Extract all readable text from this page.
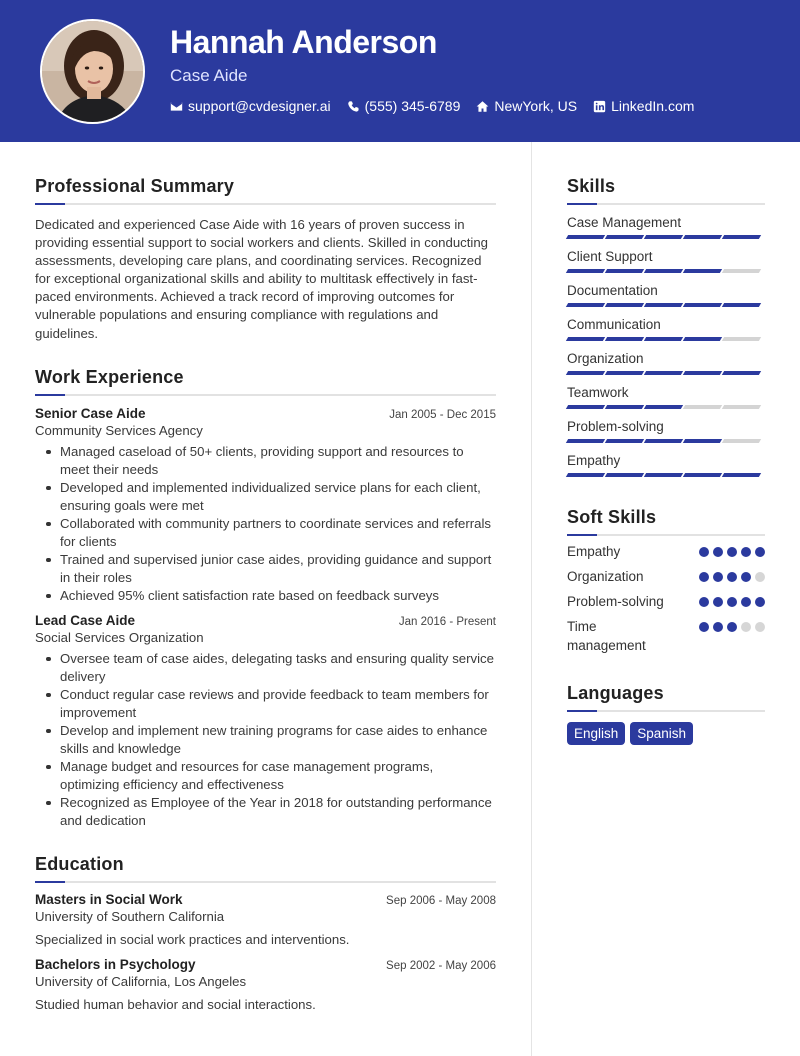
Hannah Anderson
Case Aide
support@cvdesigner.ai (555) 345-6789 NewYork, US LinkedIn.com
Professional Summary

Dedicated and experienced Case Aide with 16 years of proven success in providing essential support to social workers and clients. Skilled in conducting assessments, developing care plans, and coordinating services. Recognized for exceptional organizational skills and ability to multitask effectively in fast-paced environments. Achieved a track record of improving outcomes for vulnerable populations and ensuring compliance with regulations and guidelines.

Work Experience
Senior Case Aide	Jan 2005 - Dec 2015
Community Services Agency
Managed caseload of 50+ clients, providing support and resources to meet their needs
Developed and implemented individualized service plans for each client, ensuring goals were met
Collaborated with community partners to coordinate services and referrals for clients
Trained and supervised junior case aides, providing guidance and support in their roles
Achieved 95% client satisfaction rate based on feedback surveys
Lead Case Aide	Jan 2016 - Present
Social Services Organization
Oversee team of case aides, delegating tasks and ensuring quality service delivery
Conduct regular case reviews and provide feedback to team members for improvement
Develop and implement new training programs for case aides to enhance skills and knowledge
Manage budget and resources for case management programs, optimizing efficiency and effectiveness
Recognized as Employee of the Year in 2018 for outstanding performance and dedication
Education
Masters in Social Work	Sep 2006 - May 2008
University of Southern California
Specialized in social work practices and interventions.
Bachelors in Psychology	Sep 2002 - May 2006
University of California, Los Angeles
Studied human behavior and social interactions.
Skills
Case Management
Client Support
Documentation
Communication
Organization
Teamwork
Problem-solving
Empathy
Soft Skills
Empathy
Organization
Problem-solving
Time management
Languages
English	Spanish
